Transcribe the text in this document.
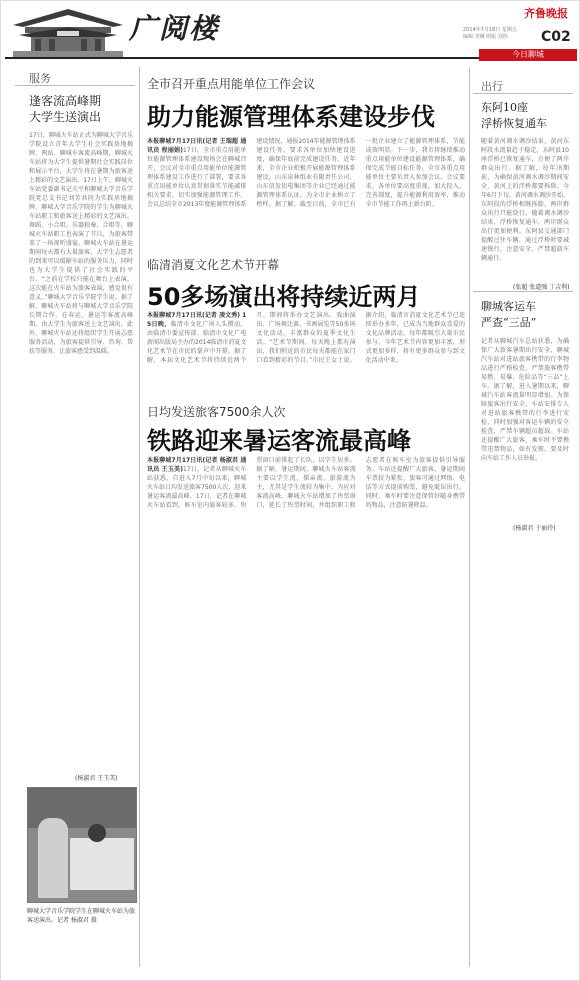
广阅楼	齐鲁晚报
2014年7月18日 星期五
编辑 李琳 组版 刘莎	C02
今日聊城
服务
逢客流高峰期
大学生送演出
17日，聊城火车站正式为聊城大学音乐学院设立青年大学生社会实践基地揭牌，两站、聊城车客流高峰期，聊城火车站将为大学生提供暑期社会实践岗位和展示平台，大学生将在暑期为旅客送上精彩的文艺演出。17日上午，聊城火车站党委副书记关平和聊城大学音乐学院党总支书记刘芳共同为实践基地揭牌，聊城大学音乐学院的学生为聊城火车站职工和旅客送上精彩的文艺演出。舞蹈、小合唱、乐器独奏、合唱等，聊城火车站职工也表演了节目，为旅客带来了一场视听盛宴。聊城火车站在暑运期间每天都有大量旅客，大学生志愿者的到来可以缓解车站的服务压力，同时也为大学生提供了社会实践的平台。“之前在学校只能在舞台上表演，这次能在火车站为旅客表演，感觉很有意义。”聊城大学音乐学院学生说。据了解，聊城火车站将与聊城大学音乐学院长期合作，在春运、暑运等客流高峰期，由大学生为旅客送上文艺演出。此外，聊城火车站还将组织学生开展志愿服务活动，为旅客提供引导、咨询、帮扶等服务，让旅客感受到温暖。
(杨淑君 王玉美)
聊城大学音乐学院学生在聊城火车站为旅客送演出。记者 杨淑君 摄
全市召开重点用能单位工作会议
助力能源管理体系建设步伐
本报聊城7月17日讯(记者 王瑞超 通讯员 程丽娟)17日，全市重点用能单位能源管理体系建设现场会在聊城召开，会议对全市重点用能单位能源管理体系建设工作进行了部署，要求各重点用能单位认真贯彻落实节能减排相关要求，切实加强能源管理工作。会议总结全市2013年度能源管理体系建设情况，通报2014年能源管理体系建设任务，要求各单位加快建设进度，确保年底前完成建设任务。近年来，全市企业积极开展能源管理体系建设，山东泉林纸业有限责任公司、山东信发铝电集团等企业已经通过能源管理体系认证，为全市企业树立了榜样。据了解，截至目前，全市已有一批企业建立了能源管理体系，节能成效明显。下一步，我市将继续推动重点用能单位建设能源管理体系，确保完成节能目标任务。全市各重点用能单位主要负责人参加会议。会议要求，各单位要高度重视，加大投入，完善制度，提升能源利用效率，推动全市节能工作再上新台阶。
临清消夏文化艺术节开幕
50多场演出将持续近两月
本报聊城7月17日讯(记者 凌文秀) 15日晚，临清市文化广场人头攒动，由临清市委宣传部、临清市文化广电新闻出版局主办的2014临清市消夏文化艺术节在市民的掌声中开幕。据了解，本届文化艺术节将持续近两个月，期间将举办文艺演出、戏曲演出、广场舞比赛、书画展览等50多场文化活动，丰富群众的夏季文化生活。“艺术节期间，每天晚上都有演出，我们附近的市民每天都能在家门口看到精彩的节目。”市民王女士说。据介绍，临清市消夏文化艺术节已连续举办多年，已成为当地群众喜爱的文化品牌活动，每年都吸引大量市民参与。今年艺术节内容更加丰富，形式更加多样，将有更多群众参与到文化活动中来。
日均发送旅客7500余人次
铁路迎来暑运客流最高峰
本报聊城7月17日讯(记者 杨淑君 通讯员 王玉美)17日，记者从聊城火车站获悉，自进入7月中旬以来，聊城火车站日均发送旅客7500人次，迎来暑运客流最高峰。17日，记者在聊城火车站看到，候车室内旅客较多，售票窗口前排起了长队，以学生居多。据了解，暑运期间，聊城火车站客流主要以学生流、探亲流、旅游流为主，尤其是学生流较为集中。为应对客流高峰，聊城火车站增加了售票窗口，延长了售票时间，并组织职工和志愿者在候车室为旅客提供引导服务。车站还提醒广大旅客，暑运期间车票较为紧张，旅客可通过网络、电话等方式提前购票，避免耽误出行。同时，乘车时要注意保管好随身携带的物品，注意防暑降温。
出行
东阿10座
浮桥恢复通车
随着黄河调水调沙结束，黄河东阿段水流量趋于稳定，东阿县10座浮桥已恢复通车，方便了两岸群众出行。据了解，每年汛期前，为确保黄河调水调沙期间安全，黄河上的浮桥都要拆除。今年6月下旬，黄河调水调沙开始，东阿段的浮桥相继拆除，两岸群众出行只能绕行。随着调水调沙结束，浮桥恢复通车，两岸群众出行更加便利。东阿县交通部门提醒过往车辆，通过浮桥时要减速慢行，注意安全，严禁超载车辆通行。
(张超 张道强 丁吉利)
聊城客运车
严查“三品”
记者从聊城汽车总站获悉，为确保广大旅客暑期出行安全，聊城汽车站对进站旅客携带的行李物品进行严格检查，严禁旅客携带易燃、易爆、危险品等“三品”上车。据了解，进入暑期以来，聊城汽车站客流量明显增加。为保障旅客出行安全，车站安排专人对进站旅客携带的行李进行安检，同时加强对客运车辆的安全检查，严禁车辆超员超载。车站还提醒广大旅客，乘车时不要携带违禁物品，如有发现，要及时向车站工作人员举报。
(杨淑君 于丽玲)
